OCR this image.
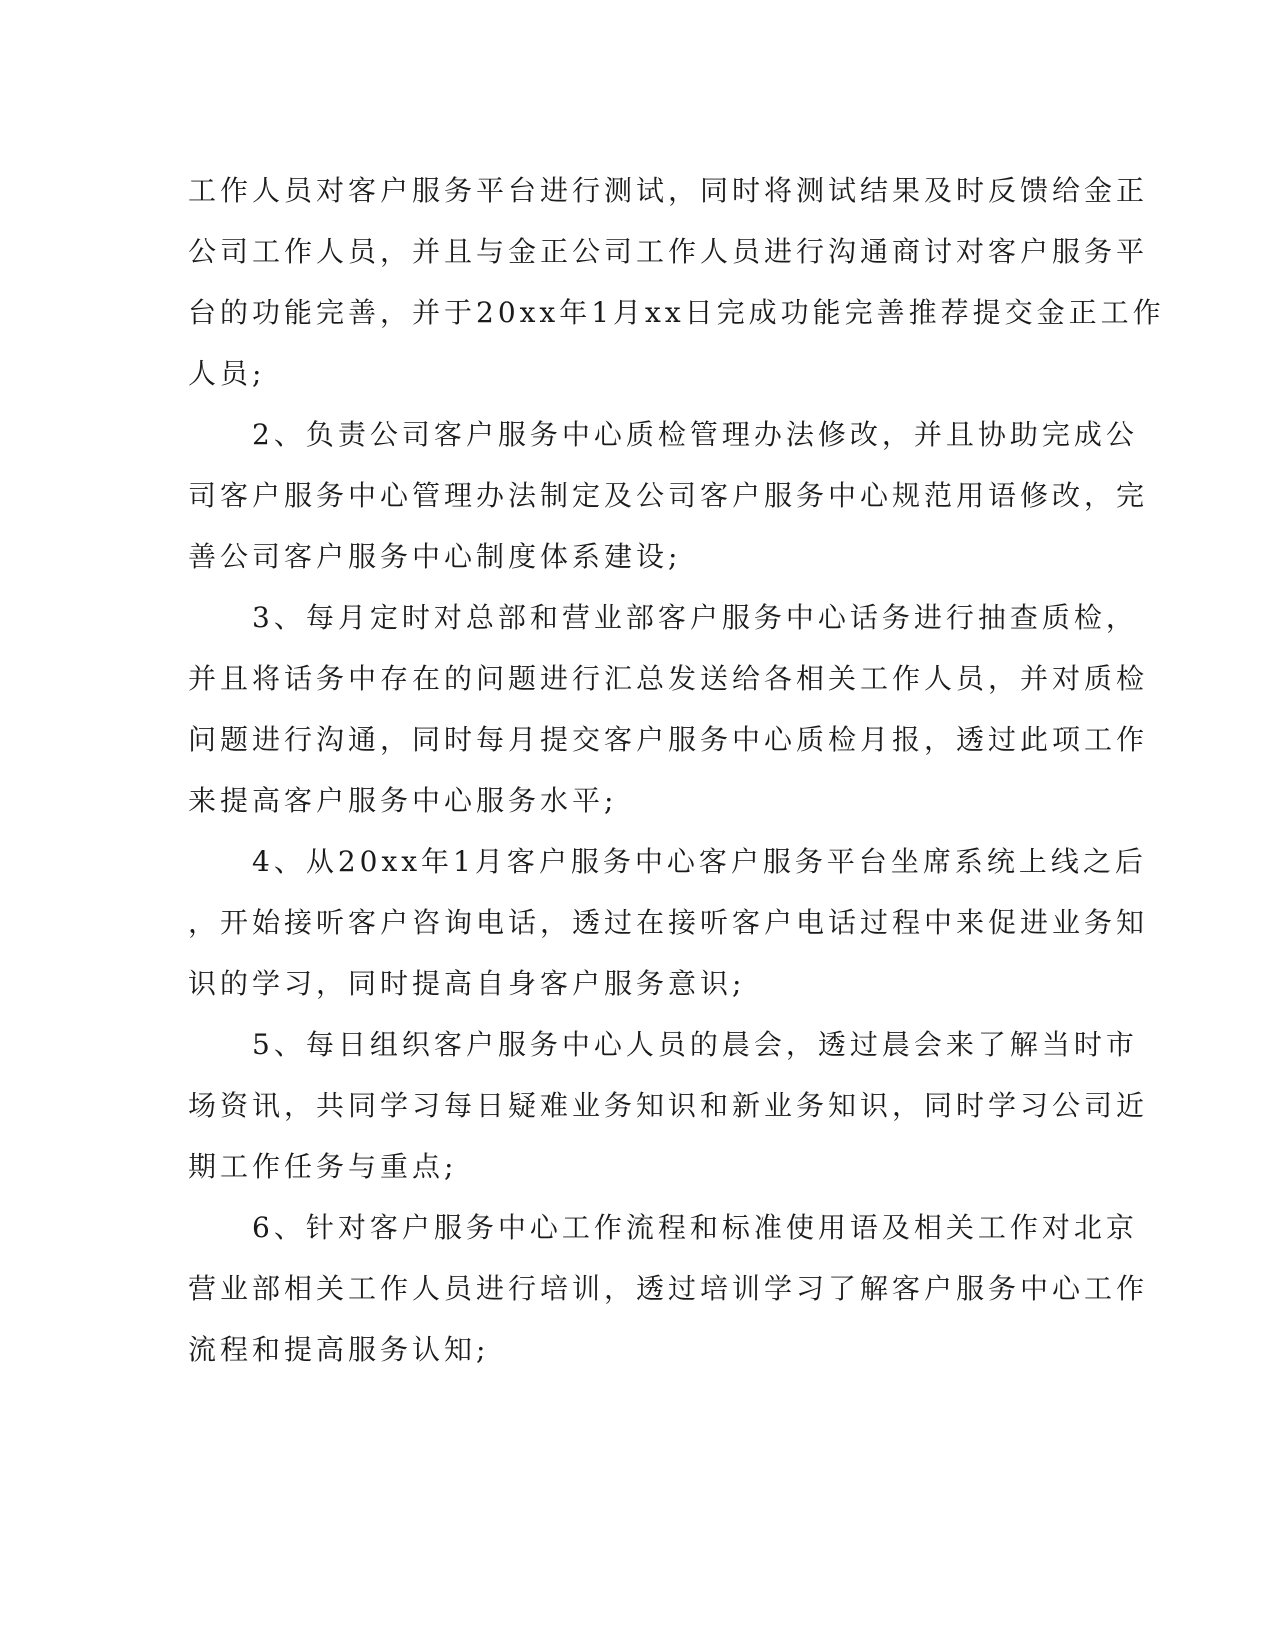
工作人员对客户服务平台进行测试，同时将测试结果及时反馈给金正
公司工作人员，并且与金正公司工作人员进行沟通商讨对客户服务平
台的功能完善，并于20xx年1月xx日完成功能完善推荐提交金正工作
人员;
　　2、负责公司客户服务中心质检管理办法修改，并且协助完成公
司客户服务中心管理办法制定及公司客户服务中心规范用语修改，完
善公司客户服务中心制度体系建设;
　　3、每月定时对总部和营业部客户服务中心话务进行抽查质检，
并且将话务中存在的问题进行汇总发送给各相关工作人员，并对质检
问题进行沟通，同时每月提交客户服务中心质检月报，透过此项工作
来提高客户服务中心服务水平;
　　4、从20xx年1月客户服务中心客户服务平台坐席系统上线之后
，开始接听客户咨询电话，透过在接听客户电话过程中来促进业务知
识的学习，同时提高自身客户服务意识;
　　5、每日组织客户服务中心人员的晨会，透过晨会来了解当时市
场资讯，共同学习每日疑难业务知识和新业务知识，同时学习公司近
期工作任务与重点;
　　6、针对客户服务中心工作流程和标准使用语及相关工作对北京
营业部相关工作人员进行培训，透过培训学习了解客户服务中心工作
流程和提高服务认知;
